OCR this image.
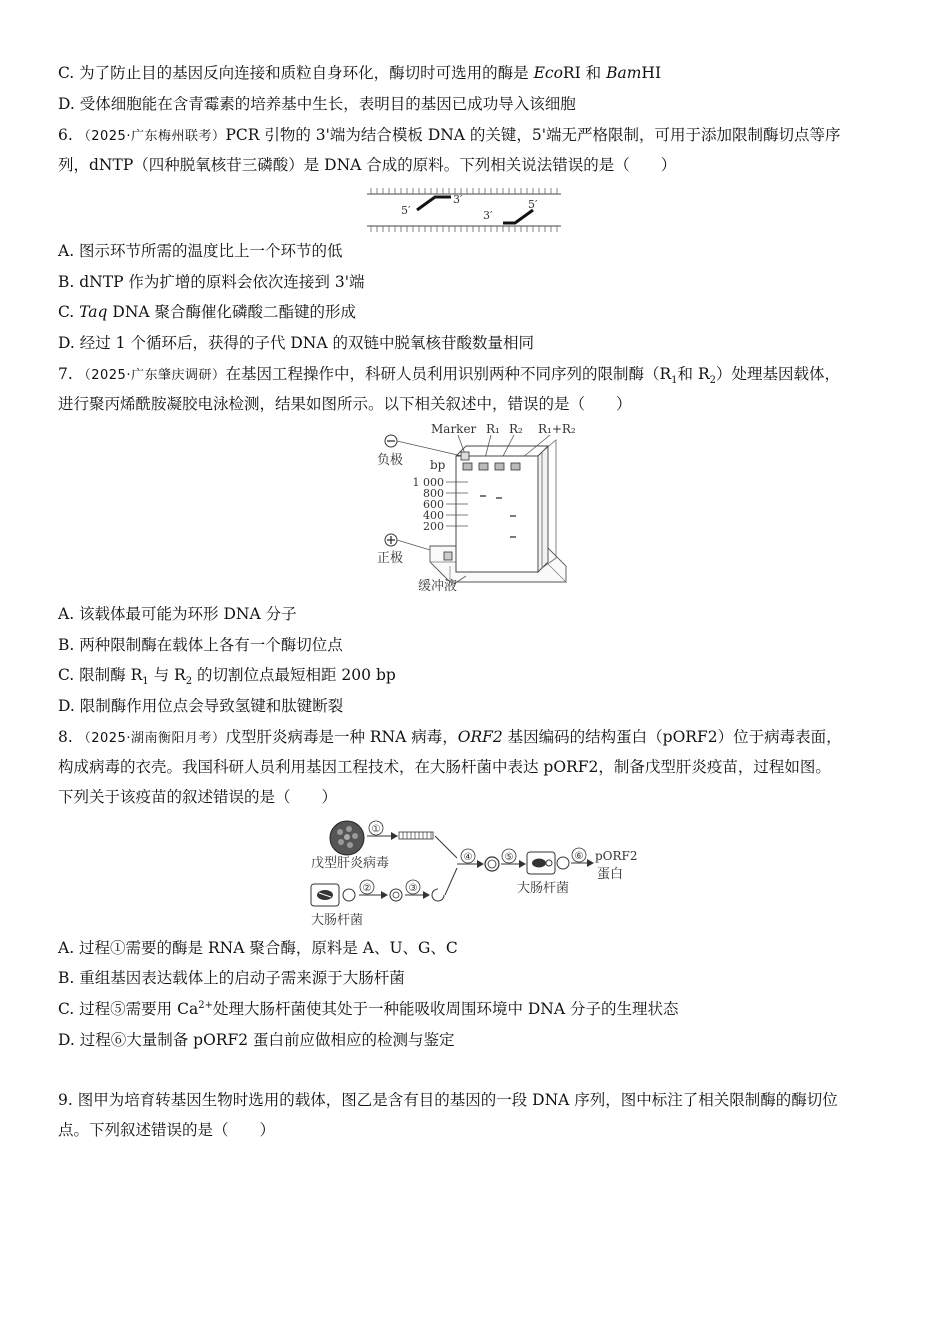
C. 为了防止目的基因反向连接和质粒自身环化，酶切时可选用的酶是 EcoRⅠ 和 BamHⅠ
D. 受体细胞能在含青霉素的培养基中生长，表明目的基因已成功导入该细胞
6. （2025·广东梅州联考）PCR 引物的 3'端为结合模板 DNA 的关键，5'端无严格限制，可用于添加限制酶切点等序
列，dNTP（四种脱氧核苷三磷酸）是 DNA 合成的原料。下列相关说法错误的是（　　）
5′
3′
3′
5′
A. 图示环节所需的温度比上一个环节的低
B. dNTP 作为扩增的原料会依次连接到 3'端
C. Taq DNA 聚合酶催化磷酸二酯键的形成
D. 经过 1 个循环后，获得的子代 DNA 的双链中脱氧核苷酸数量相同
7. （2025·广东肇庆调研）在基因工程操作中，科研人员利用识别两种不同序列的限制酶（$R_1$和 $R_2$）处理基因载体，
进行聚丙烯酰胺凝胶电泳检测，结果如图所示。以下相关叙述中，错误的是（　　）
Marker R₁ R₂ R₁+R₂
负极
正极
bp
1 000
800
600
400
200
缓冲液
A. 该载体最可能为环形 DNA 分子
B. 两种限制酶在载体上各有一个酶切位点
C. 限制酶 $R_1$ 与 $R_2$ 的切割位点最短相距 200 bp
D. 限制酶作用位点会导致氢键和肽键断裂
8. （2025·湖南衡阳月考）戊型肝炎病毒是一种 RNA 病毒，ORF2 基因编码的结构蛋白（pORF2）位于病毒表面，
构成病毒的衣壳。我国科研人员利用基因工程技术，在大肠杆菌中表达 pORF2，制备戊型肝炎疫苗，过程如图。
下列关于该疫苗的叙述错误的是（　　）
戊型肝炎病毒
①
大肠杆菌
②	③
④	⑤
大肠杆菌
⑥ pORF2
蛋白
A. 过程①需要的酶是 RNA 聚合酶，原料是 A、U、G、C
B. 重组基因表达载体上的启动子需来源于大肠杆菌
C. 过程⑤需要用 $Ca^{2+}$处理大肠杆菌使其处于一种能吸收周围环境中 DNA 分子的生理状态
D. 过程⑥大量制备 pORF2 蛋白前应做相应的检测与鉴定
9. 图甲为培育转基因生物时选用的载体，图乙是含有目的基因的一段 DNA 序列，图中标注了相关限制酶的酶切位
点。下列叙述错误的是（　　）
